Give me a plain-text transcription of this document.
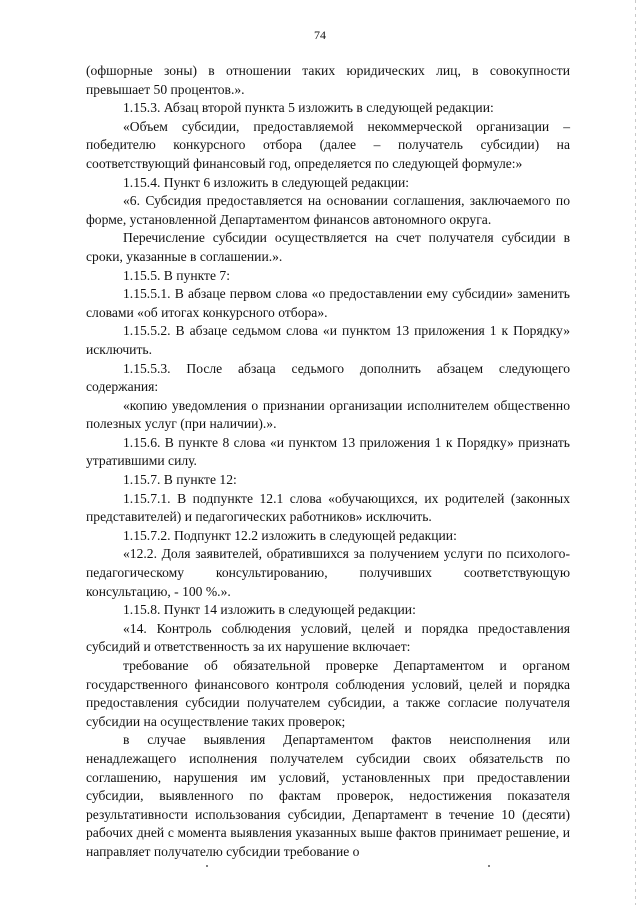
74

(офшорные зоны) в отношении таких юридических лиц, в совокупности превышает 50 процентов.».

1.15.3. Абзац второй пункта 5 изложить в следующей редакции:

«Объем субсидии, предоставляемой некоммерческой организации – победителю конкурсного отбора (далее – получатель субсидии) на соответствующий финансовый год, определяется по следующей формуле:»

1.15.4. Пункт 6 изложить в следующей редакции:

«6. Субсидия предоставляется на основании соглашения, заключаемого по форме, установленной Департаментом финансов автономного округа.

Перечисление субсидии осуществляется на счет получателя субсидии в сроки, указанные в соглашении.».

1.15.5. В пункте 7:

1.15.5.1. В абзаце первом слова «о предоставлении ему субсидии» заменить словами «об итогах конкурсного отбора».

1.15.5.2. В абзаце седьмом слова «и пунктом 13 приложения 1 к Порядку» исключить.

1.15.5.3. После абзаца седьмого дополнить абзацем следующего содержания:

«копию уведомления о признании организации исполнителем общественно полезных услуг (при наличии).».

1.15.6. В пункте 8 слова «и пунктом 13 приложения 1 к Порядку» признать утратившими силу.

1.15.7. В пункте 12:

1.15.7.1. В подпункте 12.1 слова «обучающихся, их родителей (законных представителей) и педагогических работников» исключить.

1.15.7.2. Подпункт 12.2 изложить в следующей редакции:

«12.2. Доля заявителей, обратившихся за получением услуги по психолого-педагогическому консультированию, получивших соответствующую консультацию, - 100 %.».

1.15.8. Пункт 14 изложить в следующей редакции:

«14. Контроль соблюдения условий, целей и порядка предоставления субсидий и ответственность за их нарушение включает:

требование об обязательной проверке Департаментом и органом государственного финансового контроля соблюдения условий, целей и порядка предоставления субсидии получателем субсидии, а также согласие получателя субсидии на осуществление таких проверок;

в случае выявления Департаментом фактов неисполнения или ненадлежащего исполнения получателем субсидии своих обязательств по соглашению, нарушения им условий, установленных при предоставлении субсидии, выявленного по фактам проверок, недостижения показателя результативности использования субсидии, Департамент в течение 10 (десяти) рабочих дней с момента выявления указанных выше фактов принимает решение, и направляет получателю субсидии требование о
